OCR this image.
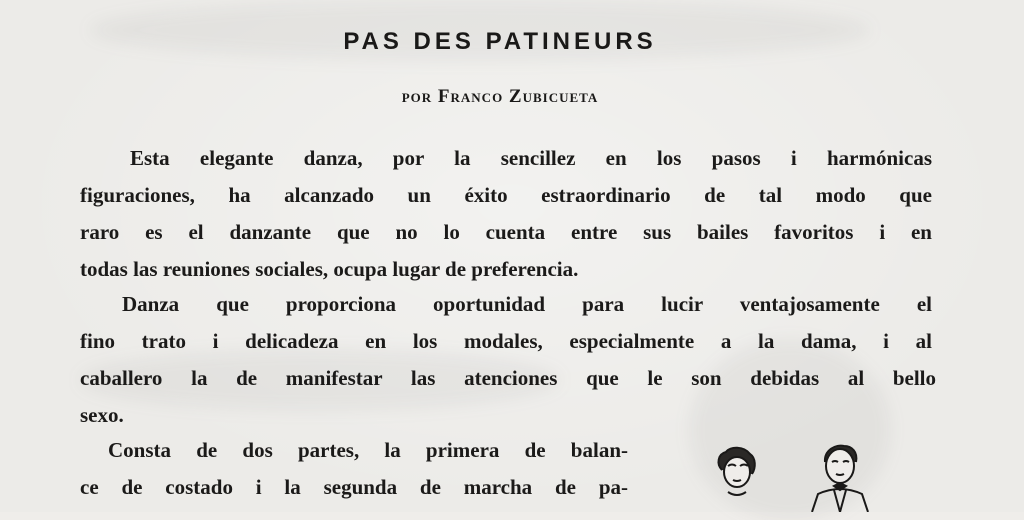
PAS DES PATINEURS
por Franco Zubicueta
Esta elegante danza, por la sencillez en los pasos i harmónicas
figuraciones, ha alcanzado un éxito estraordinario de tal modo que
raro es el danzante que no lo cuenta entre sus bailes favoritos i en
todas las reuniones sociales, ocupa lugar de preferencia.
Danza que proporciona oportunidad para lucir ventajosamente el
fino trato i delicadeza en los modales, especialmente a la dama, i al
caballero la de manifestar las atenciones que le son debidas al bello
sexo.
Consta de dos partes, la primera de balan-
ce de costado i la segunda de marcha de pa-
